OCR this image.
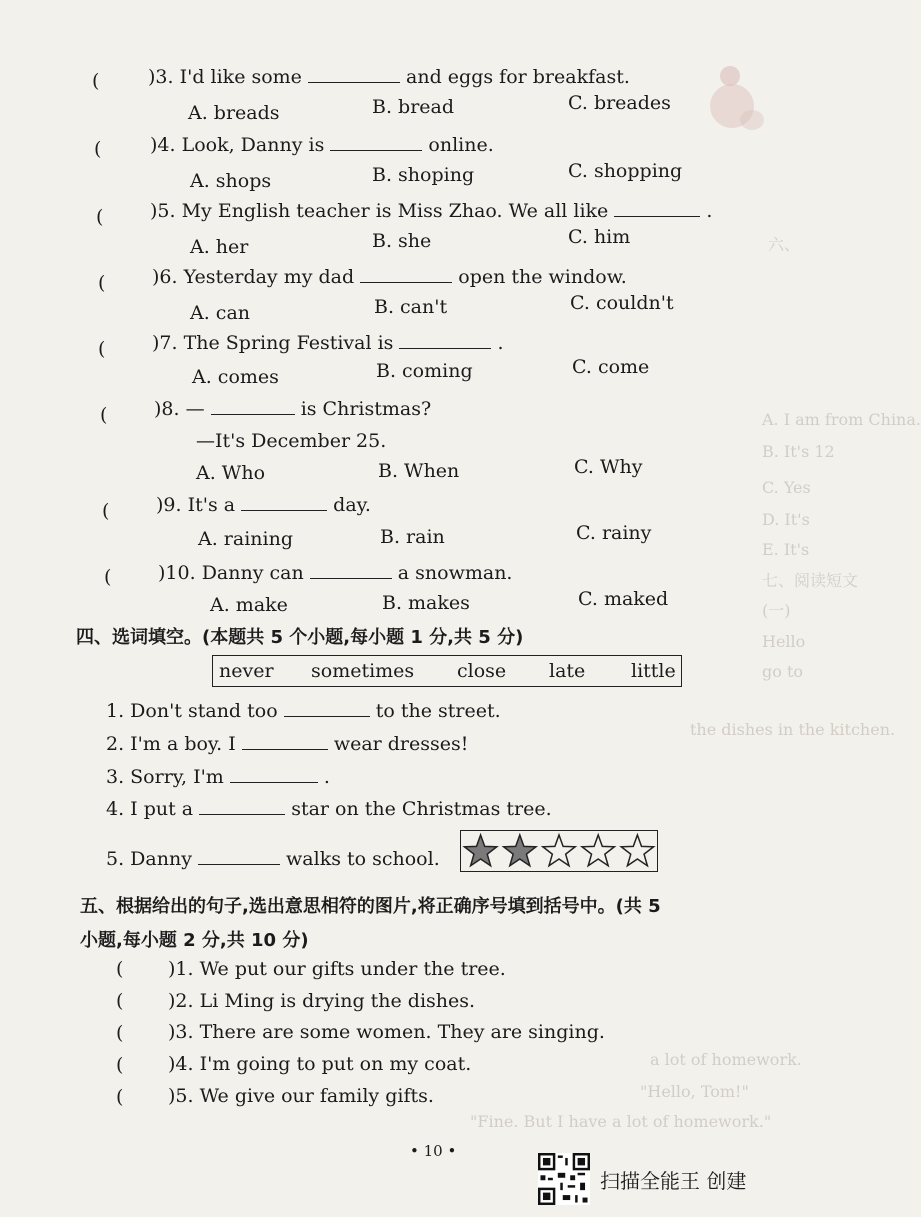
六、
A. I am from China.
B. It's 12
C. Yes
D. It's
E. It's
七、阅读短文
(一)
Hello
go to
the dishes in the kitchen.
a lot of homework.
"Hello, Tom!"
"Fine. But I have a lot of homework."
(	)3. I'd like some	and eggs for breakfast.
A. breads	B. bread	C. breades
(	)4. Look, Danny is	online.
A. shops	B. shoping	C. shopping
( )5. My English teacher is Miss Zhao. We all like	.
A. her	B. she	C. him
( )6. Yesterday my dad	open the window.
A. can	B. can't	C. couldn't
( )7. The Spring Festival is	.
A. comes	B. coming	C. come
( )8. —	is Christmas?
—It's December 25.
A. Who	B. When	C. Why
( )9. It's a	day.
A. raining	B. rain	C. rainy
( )10. Danny can	a snowman.
A. make	B. makes	C. maked
四、选词填空。(本题共 5 个小题,每小题 1 分,共 5 分)
never sometimes close late little
1. Don't stand too	to the street.
2. I'm a boy. I	wear dresses!
3. Sorry, I'm	.
4. I put a	star on the Christmas tree.
5. Danny	walks to school.
五、根据给出的句子,选出意思相符的图片,将正确序号填到括号中。(共 5
小题,每小题 2 分,共 10 分)
( )1. We put our gifts under the tree.
( )2. Li Ming is drying the dishes.
( )3. There are some women. They are singing.
( )4. I'm going to put on my coat.
( )5. We give our family gifts.
• 10 •
扫描全能王 创建
